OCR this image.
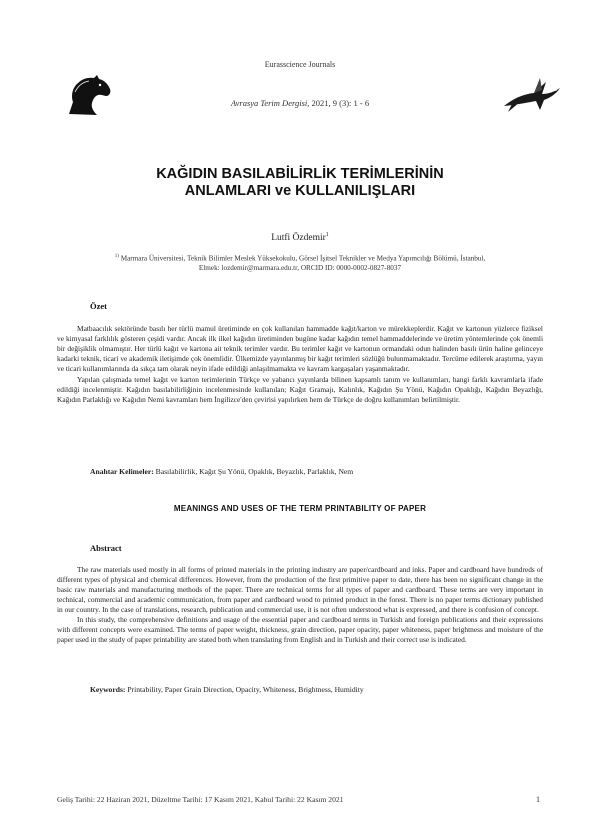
Eurasscience Journals
Avrasya Terim Dergisi, 2021, 9 (3): 1 - 6
KAĞIDIN BASILABİLİRLİK TERİMLERİNİN
ANLAMLARI ve KULLANILIŞLARI
Lutfi Özdemir$^1$
$^{1)}$ Marmara Üniversitesi, Teknik Bilimler Meslek Yüksekokulu, Görsel İşitsel Teknikler ve Medya Yapımcılığı Bölümü, İstanbul,
Elmek: lozdemir@marmara.edu.tr, ORCID ID: 0000-0002-0827-8037
Özet

Matbaacılık sektöründe basılı her türlü mamul üretiminde en çok kullanılan hammadde kağıt/karton ve mürekkeplerdir. Kağıt ve kartonun yüzlerce fiziksel ve kimyasal farklılık gösteren çeşidi vardır. Ancak ilk ilkel kağıdın üretiminden bugüne kadar kağıdın temel hammaddelerinde ve üretim yöntemlerinde çok önemli bir değişiklik olmamıştır. Her türlü kağıt ve kartona ait teknik terimler vardır. Bu terimler kağıt ve kartonun ormandaki odun halinden basılı ürün haline gelinceye kadarki teknik, ticari ve akademik iletişimde çok önemlidir. Ülkemizde yayınlanmış bir kağıt terimleri sözlüğü bulunmamaktadır. Tercüme edilerek araştırma, yayın ve ticari kullanımlarında da sıkça tam olarak neyin ifade edildiği anlaşılmamakta ve kavram kargaşaları yaşanmaktadır.

Yapılan çalışmada temel kağıt ve karton terimlerinin Türkçe ve yabancı yayınlarda bilinen kapsamlı tanım ve kullanımları, hangi farklı kavramlarla ifade edildiği incelenmiştir. Kağıdın basılabilirliğinin incelenmesinde kullanılan; Kağıt Gramajı, Kalınlık, Kağıdın Şu Yönü, Kağıdın Opaklığı, Kağıdın Beyazlığı, Kağıdın Parlaklığı ve Kağıdın Nemi kavramları hem İngilizce'den çevirisi yapılırken hem de Türkçe de doğru kullanımları belirtilmiştir.

Anahtar Kelimeler: Basılabilirlik, Kağıt Şu Yönü, Opaklık, Beyazlık, Parlaklık, Nem
MEANINGS AND USES OF THE TERM PRINTABILITY OF PAPER
Abstract

The raw materials used mostly in all forms of printed materials in the printing industry are paper/cardboard and inks. Paper and cardboard have hundreds of different types of physical and chemical differences. However, from the production of the first primitive paper to date, there has been no significant change in the basic raw materials and manufacturing methods of the paper. There are technical terms for all types of paper and cardboard. These terms are very important in technical, commercial and academic communication, from paper and cardboard wood to printed product in the forest. There is no paper terms dictionary published in our country. In the case of translations, research, publication and commercial use, it is not often understood what is expressed, and there is confusion of concept.

In this study, the comprehensive definitions and usage of the essential paper and cardboard terms in Turkish and foreign publications and their expressions with different concepts were examined. The terms of paper weight, thickness, grain direction, paper opacity, paper whiteness, paper brightness and moisture of the paper used in the study of paper printability are stated both when translating from English and in Turkish and their correct use is indicated.

Keywords: Printability, Paper Grain Direction, Opacity, Whiteness, Brightness, Humidity
Geliş Tarihi: 22 Haziran 2021, Düzeltme Tarihi: 17 Kasım 2021, Kabul Tarihi: 22 Kasım 2021	1
